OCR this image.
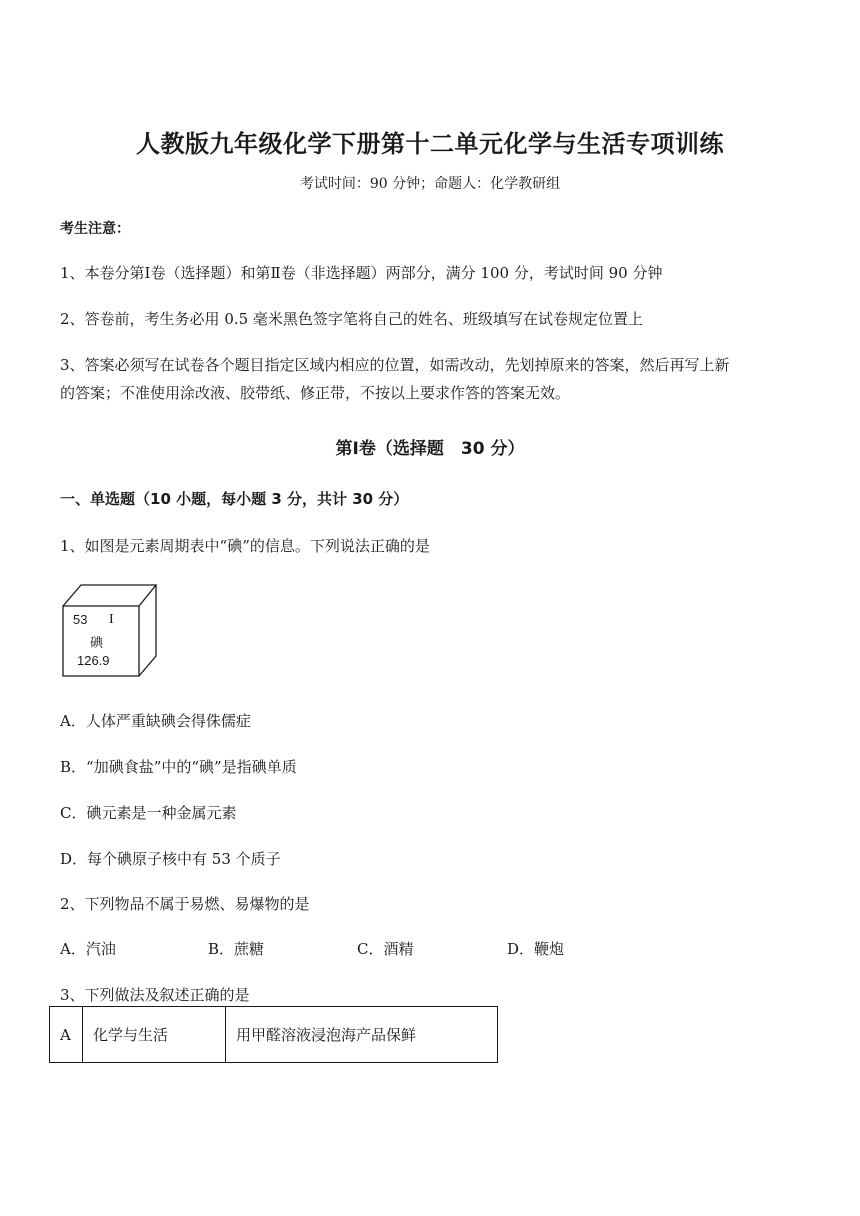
人教版九年级化学下册第十二单元化学与生活专项训练
考试时间：90 分钟；命题人：化学教研组
考生注意：
1、本卷分第Ⅰ卷（选择题）和第Ⅱ卷（非选择题）两部分，满分 100 分，考试时间 90 分钟
2、答卷前，考生务必用 0.5 毫米黑色签字笔将自己的姓名、班级填写在试卷规定位置上
3、答案必须写在试卷各个题目指定区域内相应的位置，如需改动，先划掉原来的答案，然后再写上新
的答案；不准使用涂改液、胶带纸、修正带，不按以上要求作答的答案无效。
第Ⅰ卷（选择题　30 分）
一、单选题（10 小题，每小题 3 分，共计 30 分）
1、如图是元素周期表中“碘”的信息。下列说法正确的是
53 I
碘
126.9
A．人体严重缺碘会得侏儒症
B．“加碘食盐”中的“碘”是指碘单质
C．碘元素是一种金属元素
D．每个碘原子核中有 53 个质子
2、下列物品不属于易燃、易爆物的是
A．汽油	B．蔗糖	C．酒精	D．鞭炮
3、下列做法及叙述正确的是
A	化学与生活	用甲醛溶液浸泡海产品保鲜
